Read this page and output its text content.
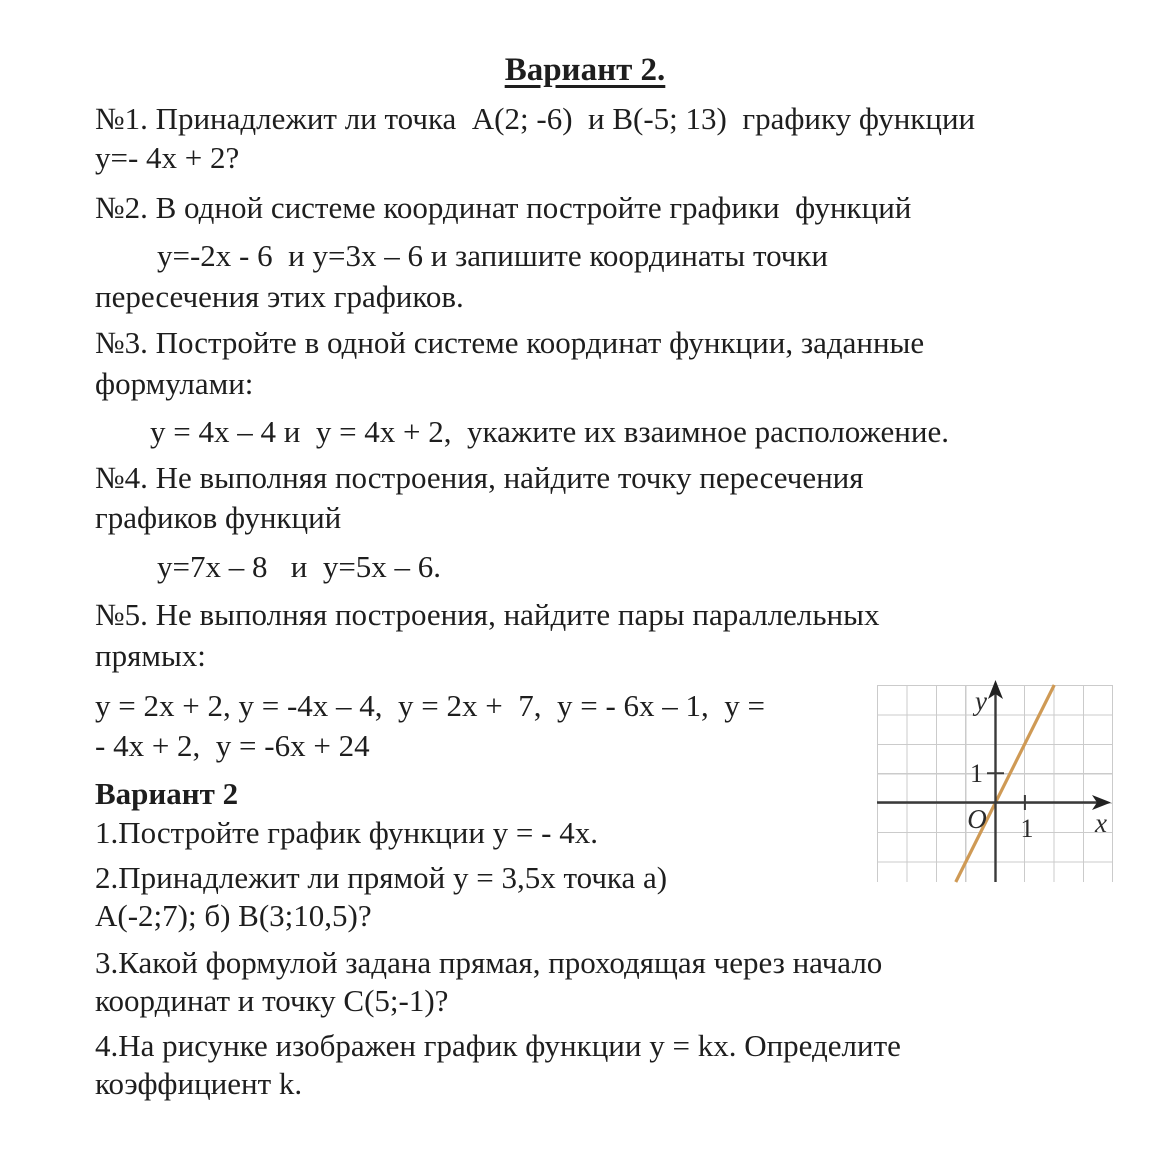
Вариант 2.
№1. Принадлежит ли точка  А(2; -6)  и В(-5; 13)  графику функции
у=- 4х + 2?
№2. В одной системе координат постройте графики  функций
у=-2х - 6  и у=3х – 6 и запишите координаты точки
пересечения этих графиков.
№3. Постройте в одной системе координат функции, заданные
формулами:
у = 4х – 4 и  у = 4х + 2,  укажите их взаимное расположение.
№4. Не выполняя построения, найдите точку пересечения
графиков функций
у=7х – 8   и  у=5х – 6.
№5. Не выполняя построения, найдите пары параллельных
прямых:
у = 2х + 2, у = -4х – 4,  у = 2х +  7,  у = - 6х – 1,  у =
- 4х + 2,  у = -6х + 24
Вариант 2
1.Постройте график функции у = - 4х.
2.Принадлежит ли прямой у = 3,5х точка а)
А(-2;7); б) В(3;10,5)?
3.Какой формулой задана прямая, проходящая через начало
координат и точку С(5;-1)?
4.На рисунке изображен график функции у = kx. Определите
коэффициент k.
y
x
O
1
1
